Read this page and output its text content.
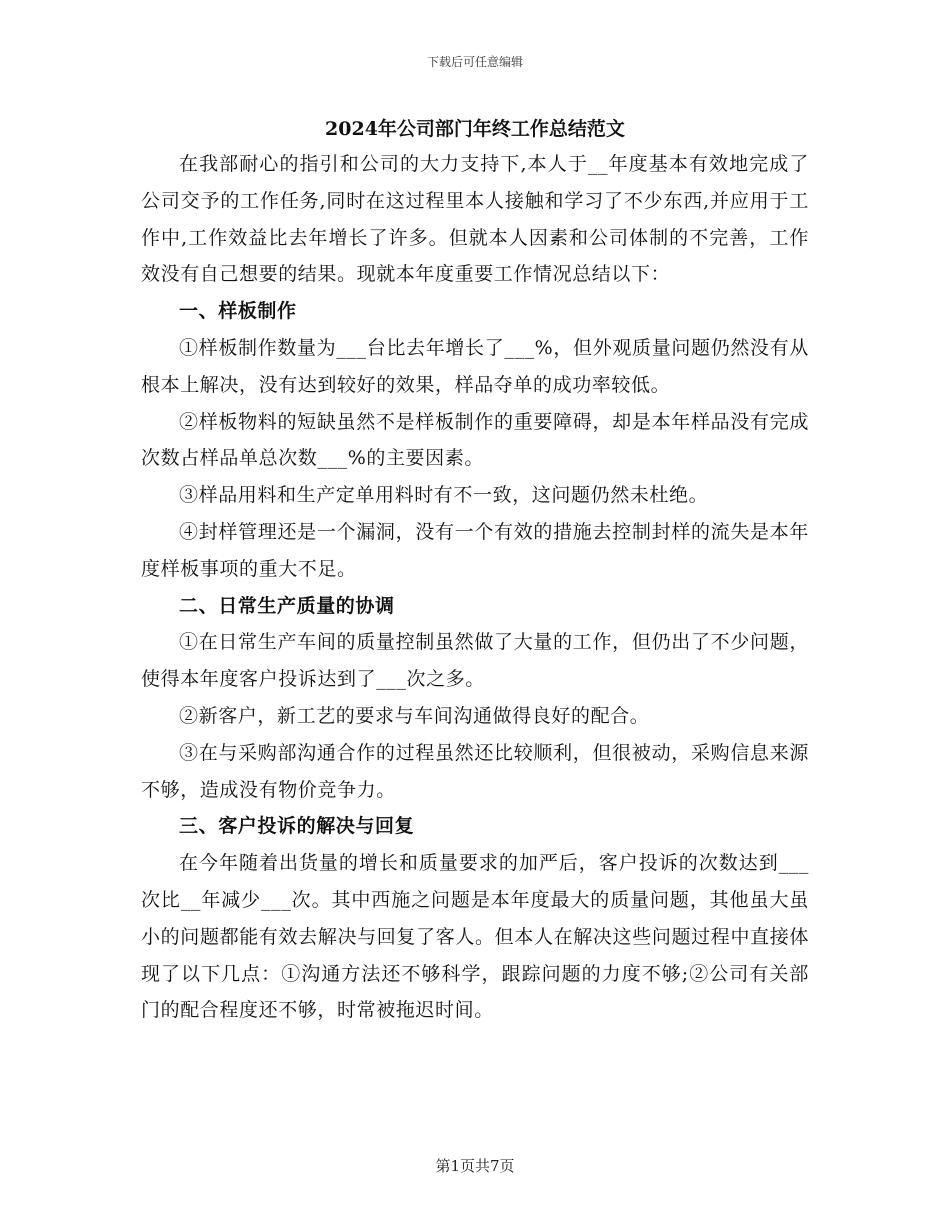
下载后可任意编辑
2024年公司部门年终工作总结范文

在我部耐心的指引和公司的大力支持下,本人于__年度基本有效地完成了公司交予的工作任务,同时在这过程里本人接触和学习了不少东西,并应用于工作中,工作效益比去年增长了许多。但就本人因素和公司体制的不完善，工作效没有自己想要的结果。现就本年度重要工作情况总结以下：

一、样板制作

①样板制作数量为___台比去年增长了___%，但外观质量问题仍然没有从根本上解决，没有达到较好的效果，样品夺单的成功率较低。

②样板物料的短缺虽然不是样板制作的重要障碍，却是本年样品没有完成次数占样品单总次数___%的主要因素。

③样品用料和生产定单用料时有不一致，这问题仍然未杜绝。

④封样管理还是一个漏洞，没有一个有效的措施去控制封样的流失是本年度样板事项的重大不足。

二、日常生产质量的协调

①在日常生产车间的质量控制虽然做了大量的工作，但仍出了不少问题，使得本年度客户投诉达到了___次之多。

②新客户，新工艺的要求与车间沟通做得良好的配合。

③在与采购部沟通合作的过程虽然还比较顺利，但很被动，采购信息来源不够，造成没有物价竞争力。

三、客户投诉的解决与回复

在今年随着出货量的增长和质量要求的加严后，客户投诉的次数达到___次比__年减少___次。其中西施之问题是本年度最大的质量问题，其他虽大虽小的问题都能有效去解决与回复了客人。但本人在解决这些问题过程中直接体现了以下几点：①沟通方法还不够科学，跟踪问题的力度不够;②公司有关部门的配合程度还不够，时常被拖迟时间。

第1页共7页
